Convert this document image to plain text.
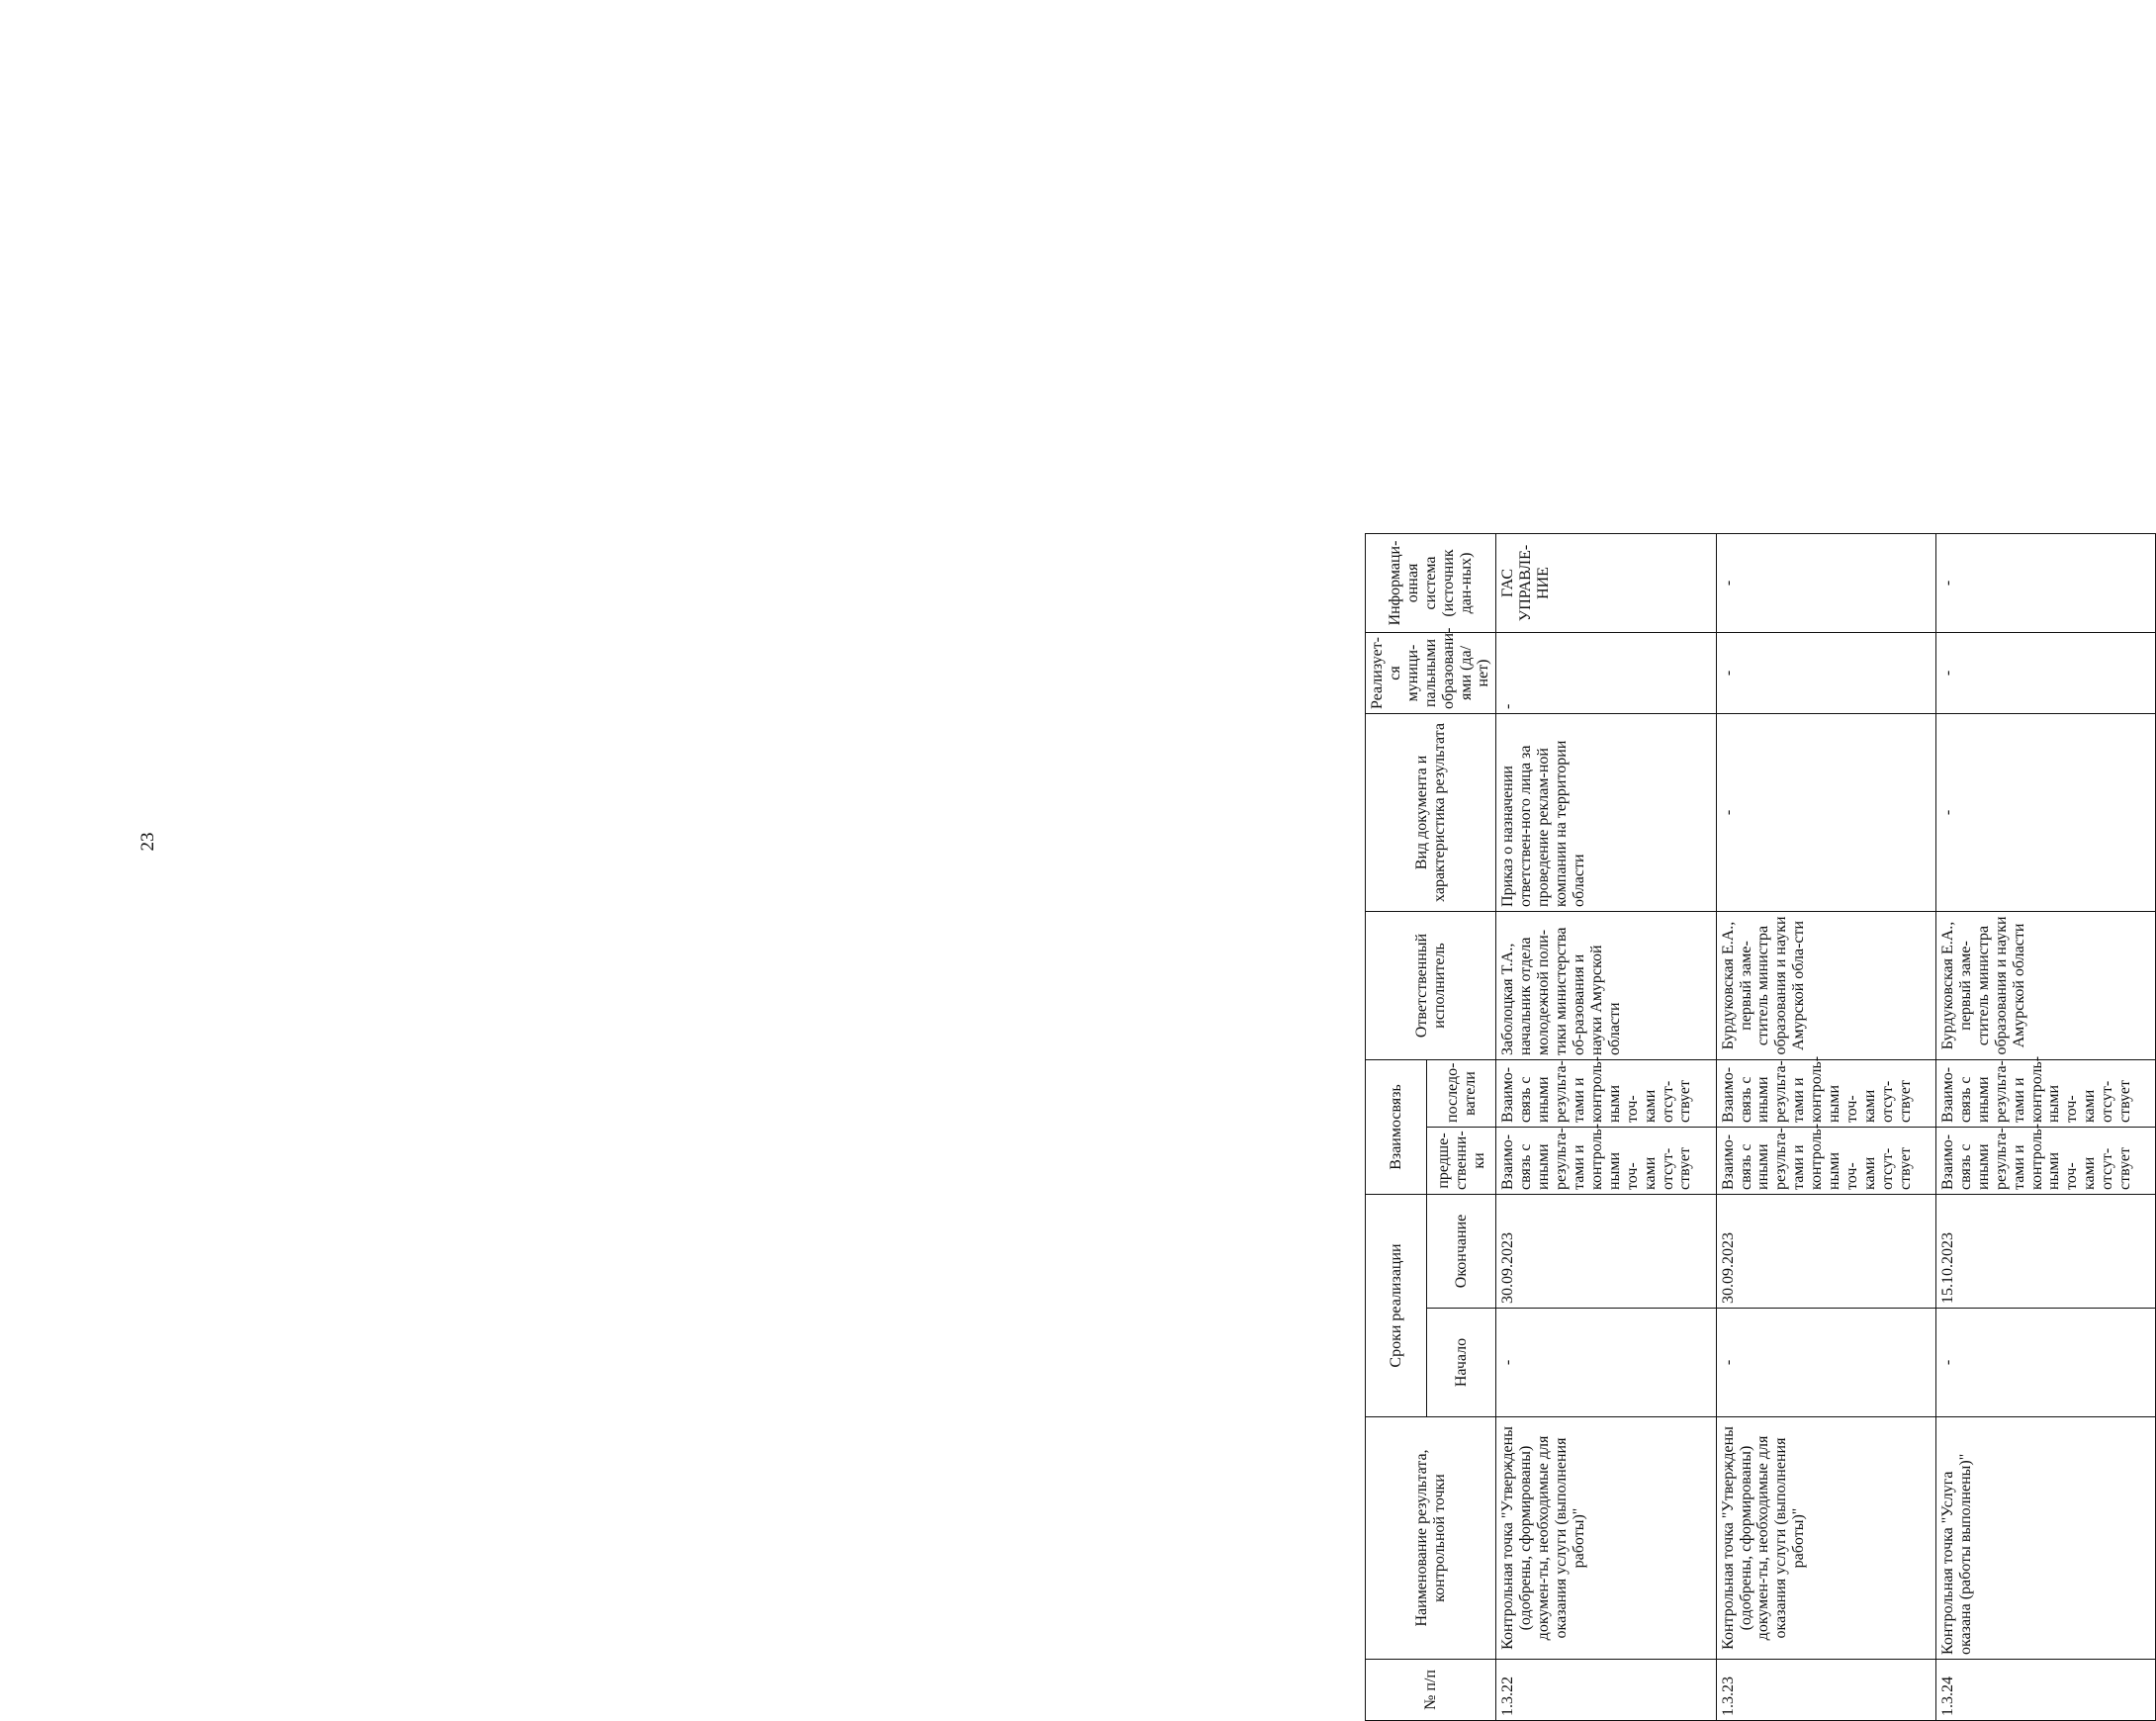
23
№ п/п	Наименование результата, контрольной точки	Сроки реализации		Взаимосвязь		Ответственный исполнитель	Вид документа и характеристика результата	Реализует-ся муници-пальными образовани-ями (да/нет)	Информаци-онная система (источник дан-ных)
		Начало	Окончание	предше-ственни-ки	последо-ватели				
1.3.22	Контрольная точка "Утверждены (одобрены, сформированы) докумен-ты, необходимые для оказания услуги (выполнения работы)"	-	30.09.2023	Взаимо-связь с иными результа-тами и контроль-ными точ-ками отсут-ствует	Взаимо-связь с иными результа-тами и контроль-ными точ-ками отсут-ствует	Заболоцкая Т.А., начальник отдела молодежной поли-тики министерства об-разования и науки Амурской области	Приказ о назначении ответствен-ного лица за проведение реклам-ной компании на территории области	-	ГАС УПРАВЛЕ-НИЕ
1.3.23	Контрольная точка "Утверждены (одобрены, сформированы) докумен-ты, необходимые для оказания услуги (выполнения работы)"	-	30.09.2023	Взаимо-связь с иными результа-тами и контроль-ными точ-ками отсут-ствует	Взаимо-связь с иными результа-тами и контроль-ными точ-ками отсут-ствует	Бурдуковская Е.А., первый заме-ститель министра образования и науки Амурской обла-сти	-	-	-
1.3.24	Контрольная точка "Услуга оказана (работы выполнены)"	-	15.10.2023	Взаимо-связь с иными результа-тами и контроль-ными точ-ками отсут-ствует	Взаимо-связь с иными результа-тами и контроль-ными точ-ками отсут-ствует	Бурдуковская Е.А., первый заме-ститель министра образования и науки Амурской области	-	-	-
